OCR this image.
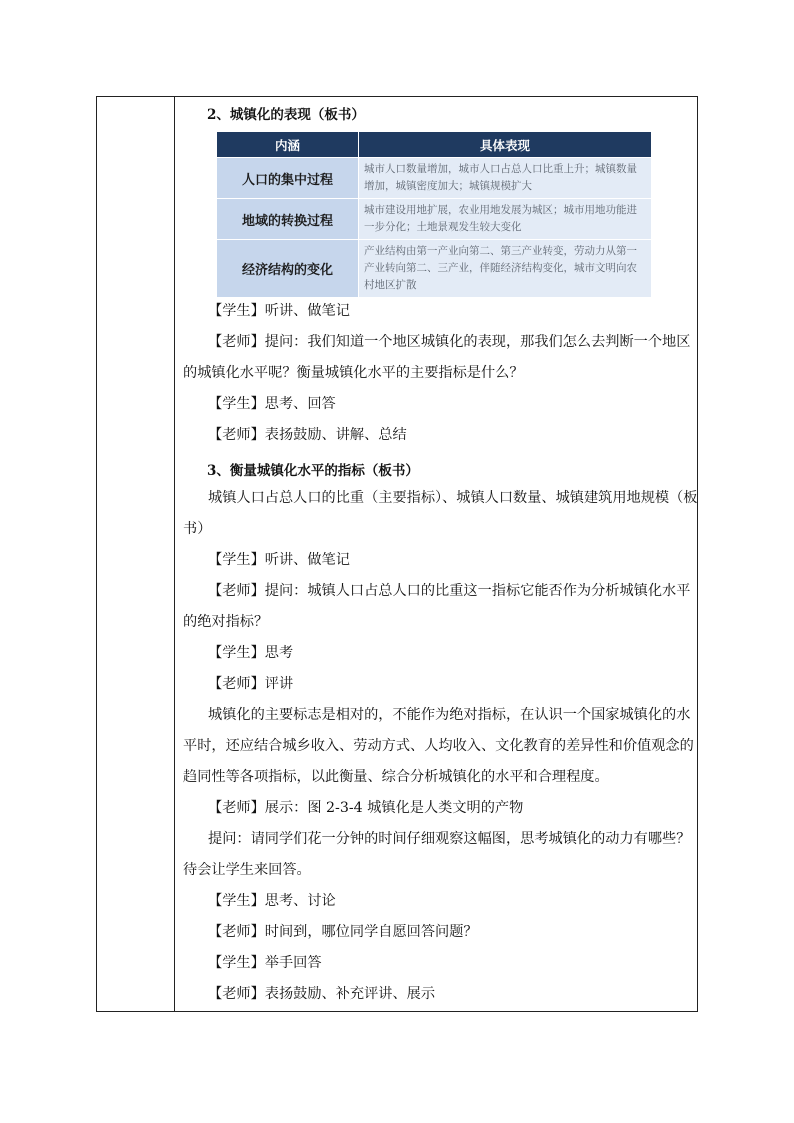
2、城镇化的表现（板书）
内涵	具体表现
人口的集中过程	城市人口数量增加，城市人口占总人口比重上升；城镇数量增加，城镇密度加大；城镇规模扩大
地域的转换过程	城市建设用地扩展，农业用地发展为城区；城市用地功能进一步分化；土地景观发生较大变化
经济结构的变化	产业结构由第一产业向第二、第三产业转变，劳动力从第一产业转向第二、三产业，伴随经济结构变化，城市文明向农村地区扩散
【学生】听讲、做笔记
【老师】提问：我们知道一个地区城镇化的表现，那我们怎么去判断一个地区
的城镇化水平呢？衡量城镇化水平的主要指标是什么？
【学生】思考、回答
【老师】表扬鼓励、讲解、总结
3、衡量城镇化水平的指标（板书）
城镇人口占总人口的比重（主要指标）、城镇人口数量、城镇建筑用地规模（板
书）
【学生】听讲、做笔记
【老师】提问：城镇人口占总人口的比重这一指标它能否作为分析城镇化水平
的绝对指标？
【学生】思考
【老师】评讲
城镇化的主要标志是相对的，不能作为绝对指标，在认识一个国家城镇化的水
平时，还应结合城乡收入、劳动方式、人均收入、文化教育的差异性和价值观念的
趋同性等各项指标，以此衡量、综合分析城镇化的水平和合理程度。
【老师】展示：图 2-3-4 城镇化是人类文明的产物
提问：请同学们花一分钟的时间仔细观察这幅图，思考城镇化的动力有哪些？
待会让学生来回答。
【学生】思考、讨论
【老师】时间到，哪位同学自愿回答问题？
【学生】举手回答
【老师】表扬鼓励、补充评讲、展示
